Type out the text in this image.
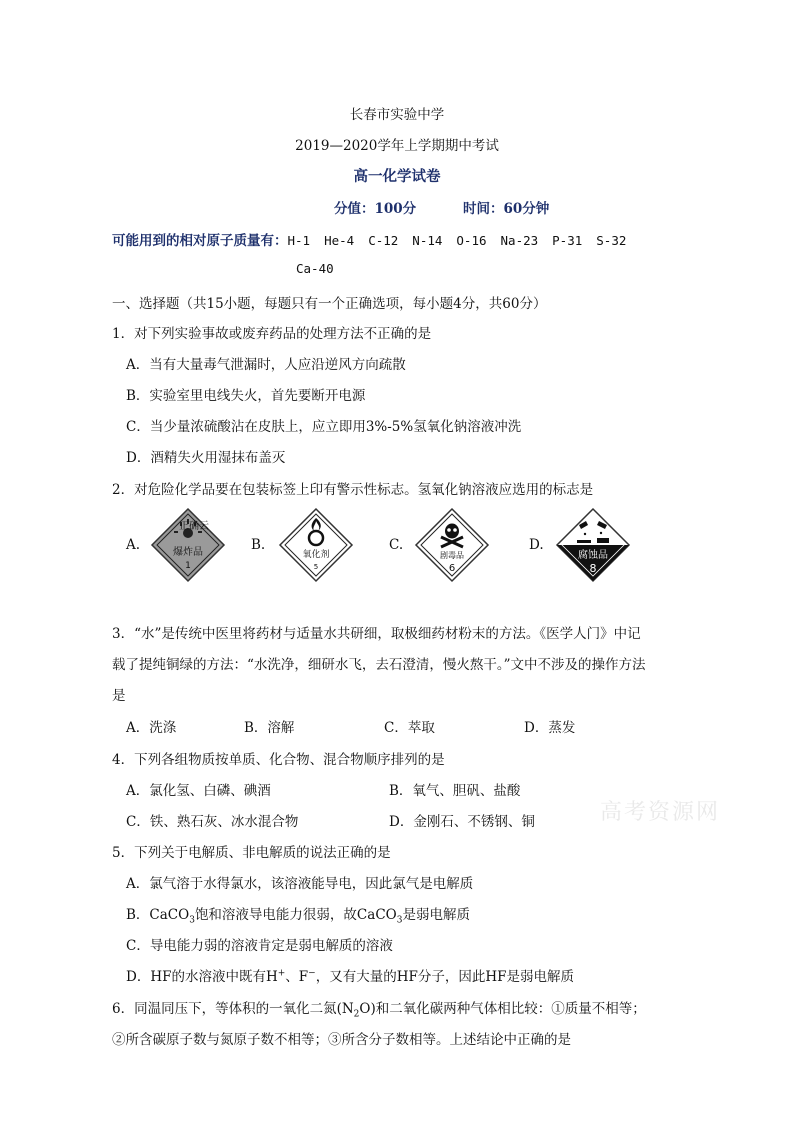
长春市实验中学
2019—2020学年上学期期中考试
高一化学试卷
分值：100分	时间：60分钟
可能用到的相对原子质量有：H-1 He-4 C-12 N-14 O-16 Na-23 P-31 S-32
Ca-40
一、选择题（共15小题，每题只有一个正确选项，每小题4分，共60分）
1．对下列实验事故或废弃药品的处理方法不正确的是
A．当有大量毒气泄漏时，人应沿逆风方向疏散
B．实验室里电线失火，首先要断开电源
C．当少量浓硫酸沾在皮肤上，应立即用3%-5%氢氧化钠溶液冲洗
D．酒精失火用湿抹布盖灭
2．对危险化学品要在包装标签上印有警示性标志。氢氧化钠溶液应选用的标志是
A.	爆炸品
1
正确云
B.
氧化剂
5
C.
剧毒品
6
D.
腐蚀品
8
3．“水”是传统中医里将药材与适量水共研细，取极细药材粉末的方法。《医学人门》中记
载了提纯铜绿的方法：“水洗净，细研水飞，去石澄清，慢火熬干。”文中不涉及的操作方法
是
A．洗涤	B．溶解	C．萃取	D．蒸发
4．下列各组物质按单质、化合物、混合物顺序排列的是
A．氯化氢、白磷、碘酒	B．氧气、胆矾、盐酸
C．铁、熟石灰、冰水混合物	D．金刚石、不锈钢、铜	高考资源网
5．下列关于电解质、非电解质的说法正确的是
A．氯气溶于水得氯水，该溶液能导电，因此氯气是电解质
B．CaCO$_3$饱和溶液导电能力很弱，故CaCO$_3$是弱电解质
C．导电能力弱的溶液肯定是弱电解质的溶液
D．HF的水溶液中既有H+、F−，又有大量的HF分子，因此HF是弱电解质
6．同温同压下，等体积的一氧化二氮$(N_2O)$和二氧化碳两种气体相比较：①质量不相等；
②所含碳原子数与氮原子数不相等；③所含分子数相等。上述结论中正确的是
